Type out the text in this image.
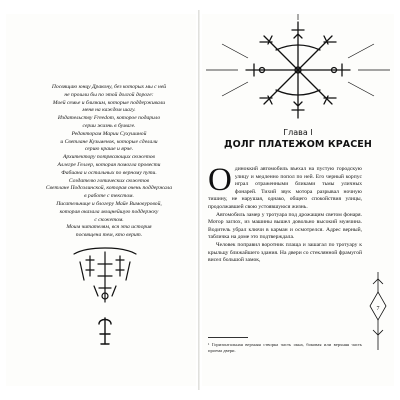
Посвящаю юнцу Дракону, без которых мы с ней

не прошли бы по этой долгой дороге:

Моей семье и близким, которые поддерживали

меня на каждом шагу.

Издательству Freedom, которое подарило

серии жизнь в бумаге.

Редакторам Марии Сухушиной

и Светлане Кузьменок, которые сделали

серию краше и ярче.

Архитектору потрясающих сюжетов

Аллегре Геллер, которая помогла провести

Фабиана и остальных по верному пути.

Создателю готических сюжетов

Светлане Подсолинской, которая очень поддержала

в работе с текстом.

Писательнице и блогеру Майе Вимовуровой,

которая оказала мощнейшую поддержку

с сюжетом.

Моим читателям, вся эта история

посвящена тем, кто верит.

Глава I
ДОЛГ ПЛАТЕЖОМ КРАСЕН

Одиноккий автомобиль въехал на пустую городскую улицу и медленно попол по ней. Его черный корпус играл отраженными бликами тьмы уличных фонарей. Тихий звук мотора разрывал ночную тишину, не нарушая, однако, общего спокойствия улицы, продолжавшей свою устоявшуюся жизнь.

Автомобиль замер у тротуара под дрожащим светом фонаря. Мотор заглох, из машины вышел довольно высокий мужчина. Водитель убрал ключи в карман и осмотрелся. Адрес верный, табличка на доме это подтверждала.

Человек поправил воротник плаща и зашагал по тротуару к крыльцу ближайшего здания. На двери со стеклянной фрамугой висел большой замок,

¹ Горизонтальная верхняя створка часть окна, боковая или верхняя часть проема двери.
7
